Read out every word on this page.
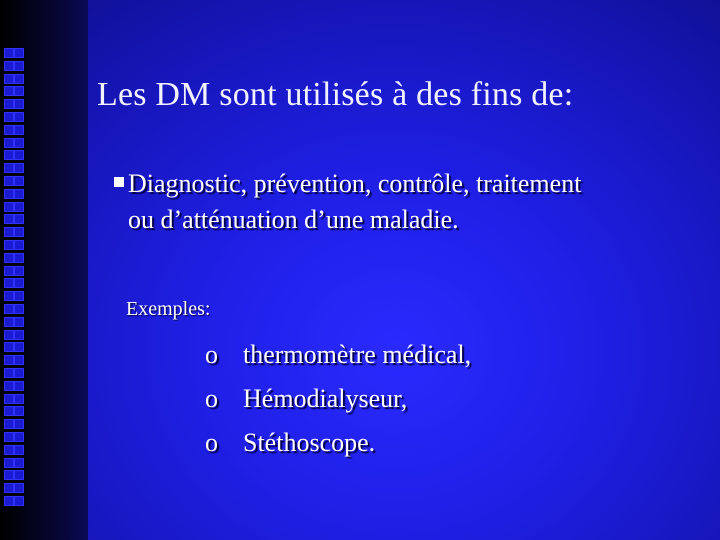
Les DM sont utilisés à des fins de:
Diagnostic, prévention, contrôle, traitement
ou d’atténuation d’une maladie.
Exemples:
o thermomètre médical,
o Hémodialyseur,
o Stéthoscope.
